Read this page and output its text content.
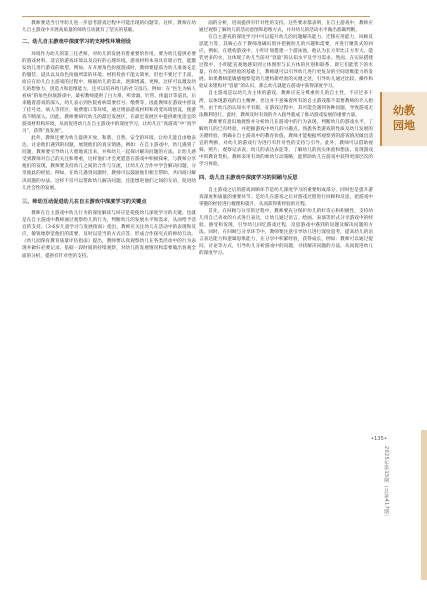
教师要适当引导幼儿进一步思考游戏过程中可能出现的问题等。这样，教师在幼儿自主游戏中开展高质量的师幼互动就有了坚实的基础。

二、幼儿自主游戏中深度学习的支持性环境创设

环境作为幼儿的第三任老师，对幼儿的发展有着重要的作用。要为幼儿提供必要的游戏材料、适宜的游戏环境以及良好的心理环境。游戏材料本身具有暗示性，能激发幼儿进行游戏的欲望。例如，在开展角色扮演游戏时，教师要提前为幼儿准备充足的服装、道具以及角色扮演所需的环境。材料投放不能太简单，但也不要过于丰富，而应在幼儿自主游戏的过程中，根据幼儿的需求，逐渐增减、更换。这样可以激发幼儿的想象力，创造力和思维能力，还可以培养幼儿的社交技巧。例如：在“医生为病人看病”的角色扮演游戏中，最初教师提供了白大褂、听诊器、针管、体温计等道具，后来随着游戏的深入，幼儿表示到医院看病需要挂号、缴费等，因此教师在游戏中创设了挂号处、病人等待区、收费窗口等环境，通过增添游戏材料和改变环境创设，使游戏不断深入。因此，教师要研究幼儿的最近发展区，在最近发展区中提供难度适宜的游戏材料和环境，从而促进幼儿在自主游戏中的深度学习，让幼儿在“真游戏”中“真学习”，获得“真发展”。

此外，教师还要为幼儿提供开放、和谐、自然、安全的环境。让幼儿能自由地表达、讨论他们遇到的问题，展现他们的真实情感。例如：在自主游戏中，幼儿遇到了问题，教师要引导幼儿大胆地说出来，并和幼儿一起探讨解决问题的方法。让幼儿感受到教师对自己的关注和尊重，这样他们才会更愿意在游戏中积极探索，与教师分享他们的发现。教师要支持幼儿之间的合作与交流，让幼儿在合作中学会解决问题，分享彼此的经验。例如，在幼儿遇到问题时，教师可以鼓励他们相互帮助，共同商讨解决问题的办法。这样不仅可以帮助幼儿解决问题，还能增进他们之间的友谊，促进幼儿社会性的发展。

三、师幼互动促进幼儿在自主游戏中深度学习的关键点

教师在自主游戏中幼儿行为的深度解读与回应是促使幼儿深度学习的关键。也就是在自主游戏中教师通过观察幼儿的行为，判断幼儿的发展水平和需求，从而给予适宜的支持。《3-6岁儿童学习与发展指南》指出，教师应关注幼儿在活动中的表现和反应，敏锐地察觉他们的需要，及时以适当的方式应答，形成合作探究式的师幼互动。《幼儿园保育教育质量评估指南》提出，教师要认真观察幼儿在各类活动中的行为表现并做好必要记录，依据一段时间的持续观察，对幼儿的发展情况和需要做出客观全面的分析，提供有针对性的支持。

面的分析，进而提供有针对性的支持。这些要求都表明，在自主游戏中，教师应通过观察了解幼儿的活动意图和思维方式，并对幼儿的活动水平做出准确判断。

在自主游戏的深度学习中可以提升幼儿的问题解决能力，迁移应用能力，回顾反思能力等，其核心在于教师准确识别并把握幼儿的兴趣和需要，并进行聚焦式的回应。例如，在建构游戏中，小明计划搭建一个游泳池，他认为长方形比正方形大，能装更多的水，这体现了幼儿当前对“容量”的认知水平及学习需求。然而，在实际搭建过程中，小明能直观地感知到立体图形与长方体的区别和联系，即它们能装下的水量。在幼儿当前经验的基础上，教师就可以引导幼儿进行更复杂的空间思维能力的发展。如果教师能敏感地察觉幼儿建构新经验的关键之处，引导幼儿通过比较、操作和验证来建构对“容量”的认识，那么幼儿就能在游戏中获得深度学习。

自主游戏是以幼儿为主体的游戏，教师应充分尊重幼儿的自主性，不应过多干涉，以体现游戏的自主精神，但这并不意味着所有的自主游戏都不需要教师的介入指导。由于幼儿的认知水平有限，在游戏过程中，其可能会遇到各种问题，导致游戏无法顺利进行。此时，教师及时有效的介入指导就成了推动游戏发展的重要力量。

教师要有意识地观察并分析幼儿在游戏中的行为表现，判断幼儿的游戏水平，了解幼儿的已有经验，并把握游戏中幼儿的兴趣点。熟悉各类游戏的性质及幼儿发展的关键经验，明确在自主游戏中的教育价值，教师才能根据所观察到的游戏情况做出适宜的判断，对幼儿的游戏行为进行有针对性的支持与引导。此外，教师可以借助视频、照片、观察记录表、幼儿的表达表征等，了解幼儿的真实体验和想法，发现游戏中的教育契机。教师采用有效的师幼互动策略，能帮助幼儿在游戏中获得更深层次的学习体验。

四、幼儿自主游戏中深度学习的回顾与反思

自主游戏之后的游戏回顾环节是幼儿深度学习的重要组成部分，同时也是提升游戏深度和质量的重要环节。是幼儿在游戏之后对游戏过程进行回顾和反思，把游戏中零散的经验进行梳理和提升，从而获得新经验的过程。

首先，在回顾与分享的过程中，教师要充分保护幼儿的好奇心和积极性，支持幼儿用自己喜欢的方式进行表达，让幼儿通过语言、绘画、表演等形式分享游戏中的经验、感受和发现，引导幼儿回忆游戏过程，反思游戏中遇到的问题及解决问题的方法。同时，在回顾与分享环节中，教师要注意引导幼儿进行深度思考，提高幼儿的语言表达能力和逻辑思维能力，在分享中积累经验，获得成长，例如：教师可以通过提问、讨论等方式，引导幼儿分析游戏中的问题，寻找解决问题的方法，从而促进幼儿的深度学习。

幼教园地
•135•
2025年第15期（总第417期）
